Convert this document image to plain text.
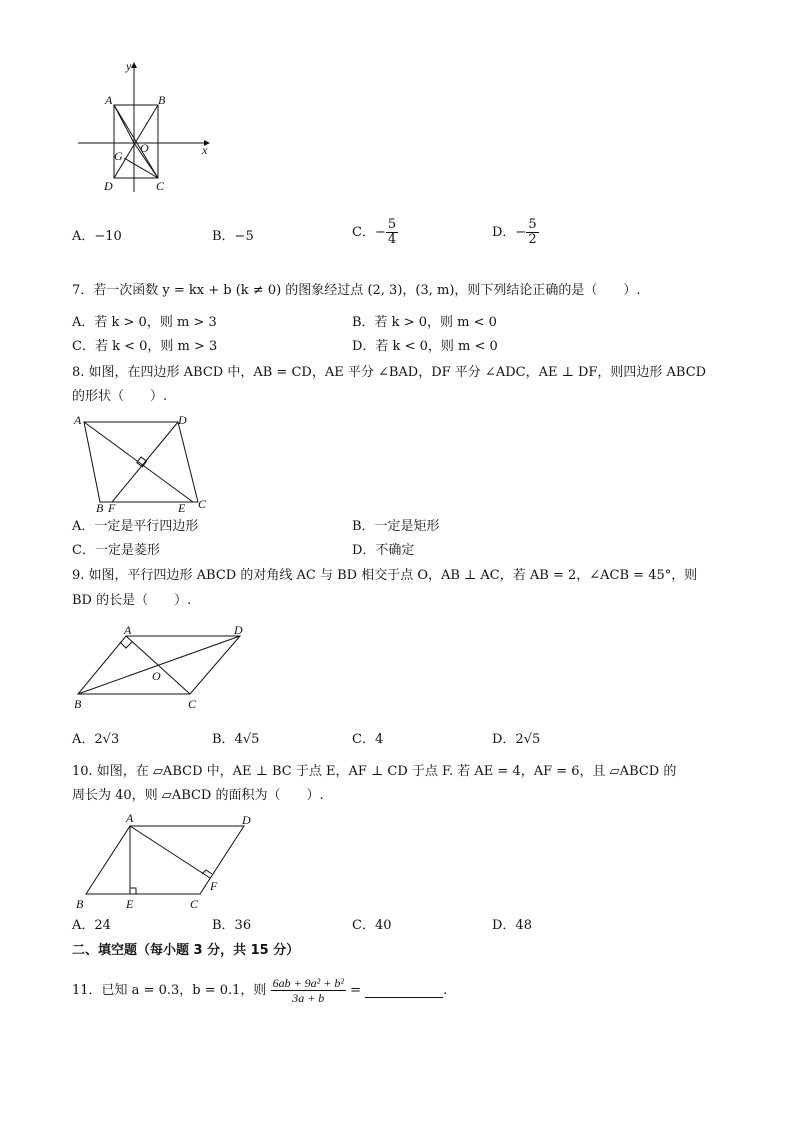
y
A	B
O
G	x
D	C
A．−10	B．−5	C．− $\frac{5}{4}$	D．− $\frac{5}{2}$
7．若一次函数 y = kx + b (k ≠ 0) 的图象经过点 (2, 3)，(3, m)，则下列结论正确的是（　　）.
A．若 k > 0，则 m > 3	B．若 k > 0，则 m < 0
C．若 k < 0，则 m > 3	D．若 k < 0，则 m < 0
8. 如图，在四边形 ABCD 中，AB = CD，AE 平分 ∠BAD，DF 平分 ∠ADC，AE ⊥ DF，则四边形 ABCD
的形状（　　）.
A	D
B F	E C
A．一定是平行四边形	B．一定是矩形
C．一定是菱形	D．不确定
9. 如图，平行四边形 ABCD 的对角线 AC 与 BD 相交于点 O，AB ⊥ AC，若 AB = 2，∠ACB = 45°，则
BD 的长是（　　）.
A	D
O
B	C
A．2√3	B．4√5	C．4	D．2√5
10. 如图，在 ▱ABCD 中，AE ⊥ BC 于点 E，AF ⊥ CD 于点 F. 若 AE = 4，AF = 6，且 ▱ABCD 的
周长为 40，则 ▱ABCD 的面积为（　　）.
A	D
F
B	E	C
A．24	B．36	C．40	D．48
二、填空题（每小题 3 分，共 15 分）
11．已知 a = 0.3，b = 0.1，则 $\frac{\text{6ab + 9a² + b²}}{3a + b}$ =	.
